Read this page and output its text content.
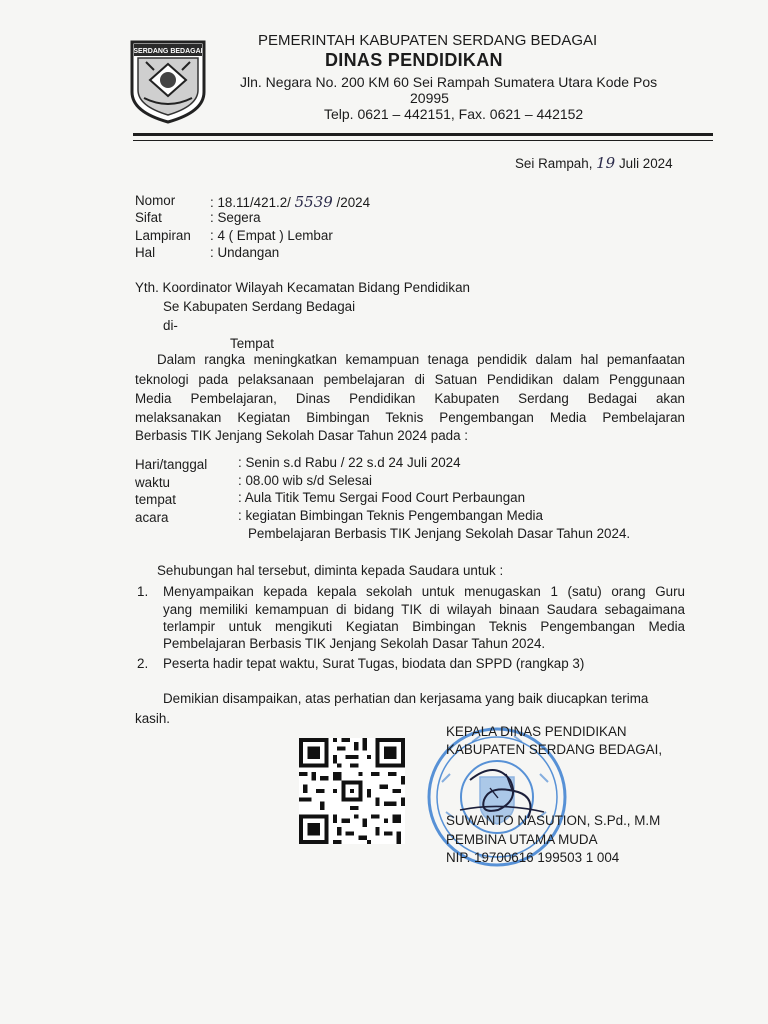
SERDANG BEDAGAI
PEMERINTAH KABUPATEN SERDANG BEDAGAI
DINAS PENDIDIKAN
Jln. Negara No. 200 KM 60 Sei Rampah Sumatera Utara Kode Pos
20995
Telp. 0621 – 442151, Fax. 0621 – 442152
Sei Rampah, 19 Juli 2024
Nomor	: 18.11/421.2/ 5539 /2024
Sifat	: Segera
Lampiran : 4 ( Empat ) Lembar
Hal	: Undangan
Yth. Koordinator Wilayah Kecamatan Bidang Pendidikan
Se Kabupaten Serdang Bedagai
di-
Tempat
Dalam rangka meningkatkan kemampuan tenaga pendidik dalam hal pemanfaatan
teknologi pada pelaksanaan pembelajaran di Satuan Pendidikan dalam Penggunaan
Media Pembelajaran, Dinas Pendidikan Kabupaten Serdang Bedagai akan
melaksanakan Kegiatan Bimbingan Teknis Pengembangan Media Pembelajaran
Berbasis TIK Jenjang Sekolah Dasar Tahun 2024 pada :
Hari/tanggal : Senin s.d Rabu / 22 s.d 24 Juli 2024
waktu	: 08.00 wib s/d Selesai
tempat	: Aula Titik Temu Sergai Food Court Perbaungan
acara	: kegiatan Bimbingan Teknis Pengembangan Media
Pembelajaran Berbasis TIK Jenjang Sekolah Dasar Tahun 2024.
Sehubungan hal tersebut, diminta kepada Saudara untuk :
1. Menyampaikan kepada kepala sekolah untuk menugaskan 1 (satu) orang Guru
yang memiliki kemampuan di bidang TIK di wilayah binaan Saudara sebagaimana
terlampir untuk mengikuti Kegiatan Bimbingan Teknis Pengembangan Media
Pembelajaran Berbasis TIK Jenjang Sekolah Dasar Tahun 2024.
2. Peserta hadir tepat waktu, Surat Tugas, biodata dan SPPD (rangkap 3)
Demikian disampaikan, atas perhatian dan kerjasama yang baik diucapkan terima
kasih.
KEPALA DINAS PENDIDIKAN
KABUPATEN SERDANG BEDAGAI,
SUWANTO NASUTION, S.Pd., M.M
PEMBINA UTAMA MUDA
NIP. 19700616 199503 1 004
